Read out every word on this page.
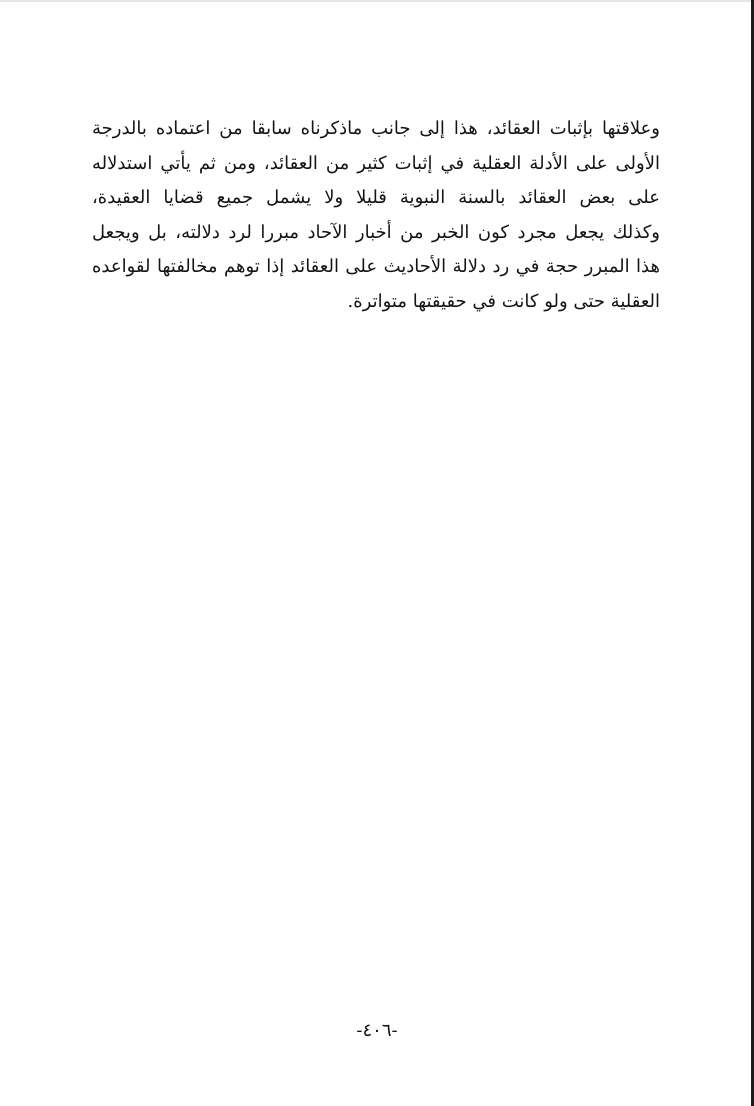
وعلاقتها بإثبات العقائد، هذا إلى جانب ماذكرناه سابقا من اعتماده بالدرجة
الأولى على الأدلة العقلية في إثبات كثير من العقائد، ومن ثم يأتي استدلاله
على بعض العقائد بالسنة النبوية قليلا ولا يشمل جميع قضايا العقيدة،
وكذلك يجعل مجرد كون الخبر من أخبار الآحاد مبررا لرد دلالته، بل ويجعل
هذا المبرر حجة في رد دلالة الأحاديث على العقائد إذا توهم مخالفتها لقواعده
العقلية حتى ولو كانت في حقيقتها متواترة.
-٤٠٦-
